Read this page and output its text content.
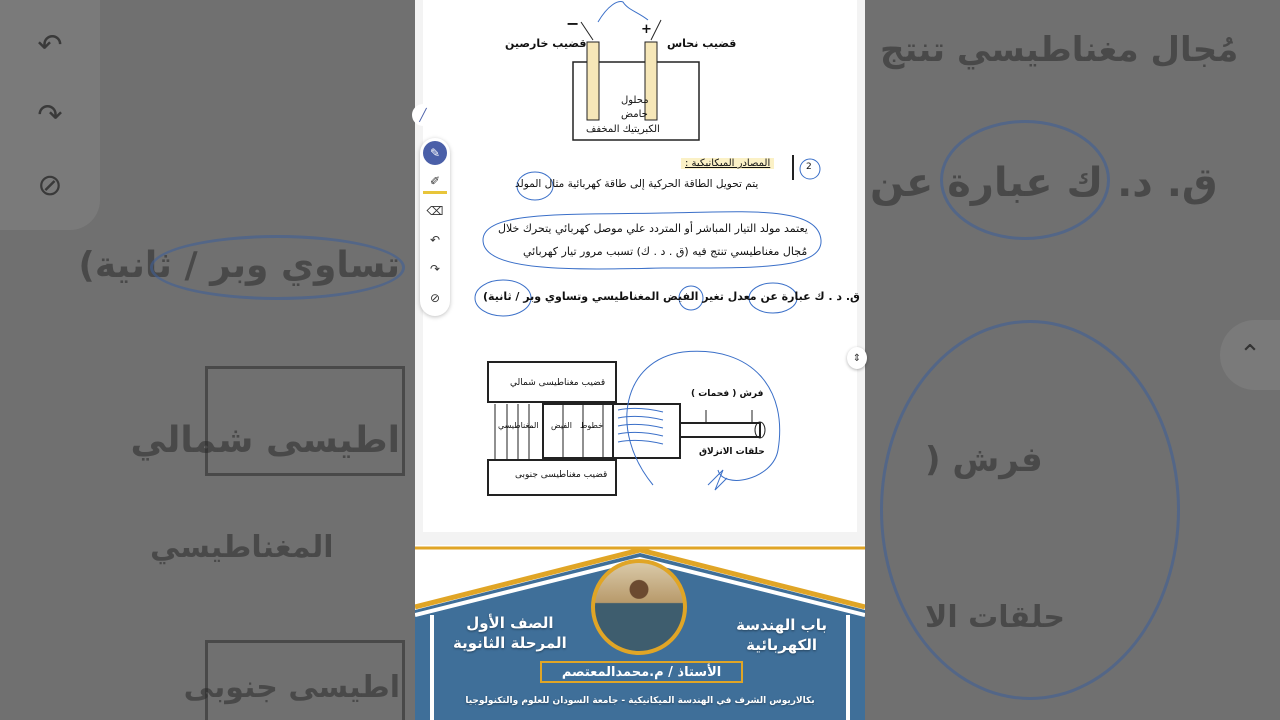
مُجال مغناطيسي تنتج
ق. د. ك عبارة عن
تساوي وبر / ثانية)
اطيسى شمالي
المغناطيسي
اطيسى جنوبى
فرش (
حلقات الا
↶
↷
⊘
⌃
−	+
قضيب خارصين	قضيب نحاس
محلول
حامض
الكبريتيك المخفف
2
المصادر الميكانيكية :
يتم تحويل الطاقة الحركية إلى طاقة كهربائية مثال المولد
يعتمد مولد التيار المباشر أو المتردد علي موصل كهربائي يتحرك خلال
مُجال مغناطيسي تنتج فيه (ق . د . ك) تسبب مرور تيار كهربائي
ق. د . ك عبارة عن معدل تغير الفيض المغناطيسي وتساوي وبر / ثانية)
قضيب مغناطيسى شمالي
قضيب مغناطيسى جنوبى
خطوط
الفيض
المغناطيسي
فرش ( فحمات )
حلقات الانزلاق
باب الهندسة
الكهربائية
الصف الأول
المرحلة الثانوية
الأستاذ / م.محمدالمعتصم
بكالاريوس الشرف في الهندسة الميكانيكية - جامعة السودان للعلوم والتكنولوجيا
╱
✎
✐
⌫
↶
↷
⊘
⇕
